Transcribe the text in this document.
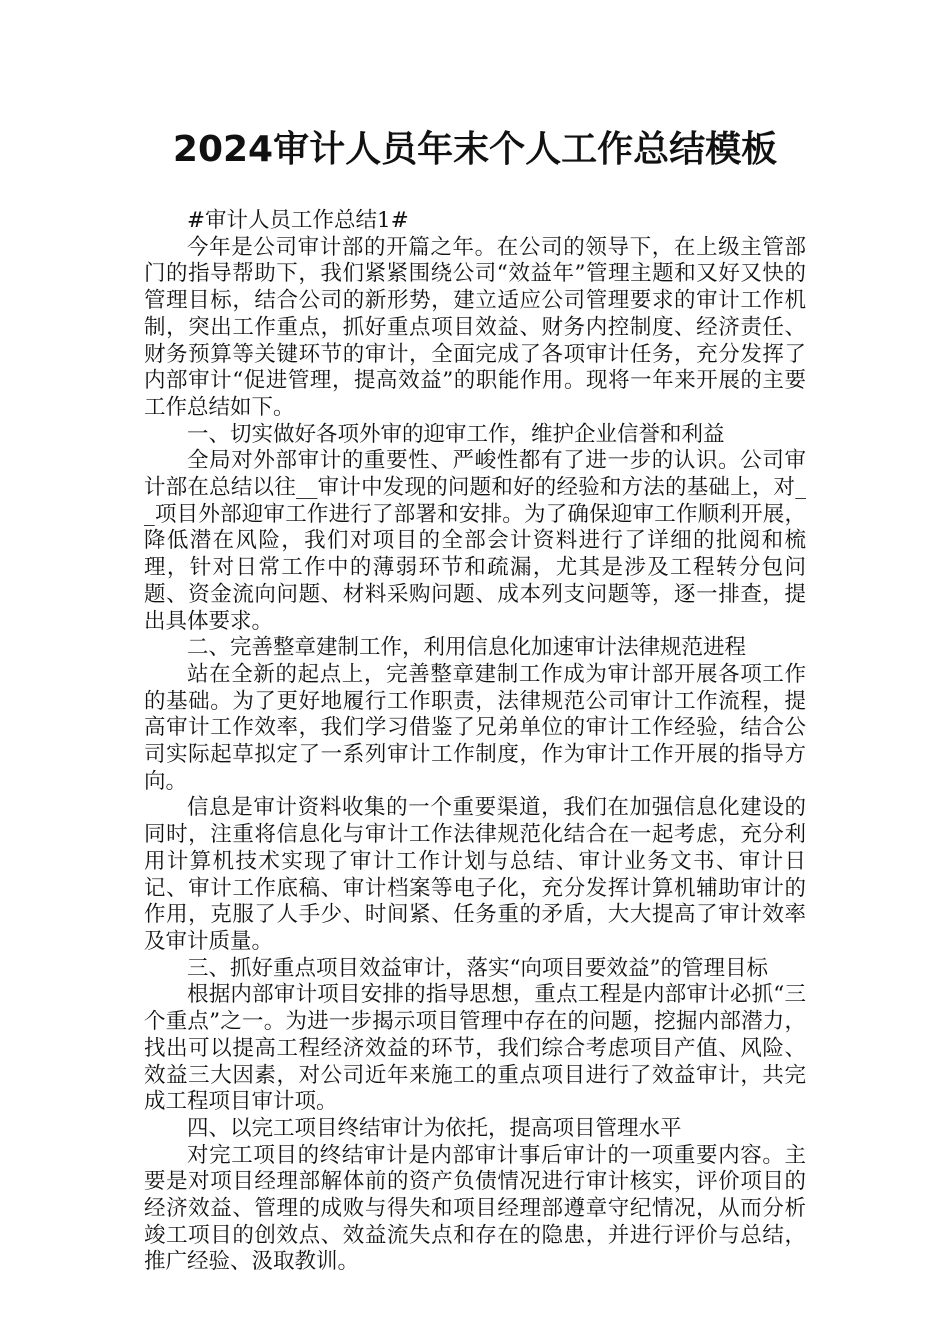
2024审计人员年末个人工作总结模板

#审计人员工作总结1#

今年是公司审计部的开篇之年。在公司的领导下，在上级主管部门的指导帮助下，我们紧紧围绕公司“效益年”管理主题和又好又快的管理目标，结合公司的新形势，建立适应公司管理要求的审计工作机制，突出工作重点，抓好重点项目效益、财务内控制度、经济责任、财务预算等关键环节的审计，全面完成了各项审计任务，充分发挥了内部审计“促进管理，提高效益”的职能作用。现将一年来开展的主要工作总结如下。

一、切实做好各项外审的迎审工作，维护企业信誉和利益

全局对外部审计的重要性、严峻性都有了进一步的认识。公司审计部在总结以往__审计中发现的问题和好的经验和方法的基础上，对__项目外部迎审工作进行了部署和安排。为了确保迎审工作顺利开展，降低潜在风险，我们对项目的全部会计资料进行了详细的批阅和梳理，针对日常工作中的薄弱环节和疏漏，尤其是涉及工程转分包问题、资金流向问题、材料采购问题、成本列支问题等，逐一排查，提出具体要求。

二、完善整章建制工作，利用信息化加速审计法律规范进程

站在全新的起点上，完善整章建制工作成为审计部开展各项工作的基础。为了更好地履行工作职责，法律规范公司审计工作流程，提高审计工作效率，我们学习借鉴了兄弟单位的审计工作经验，结合公司实际起草拟定了一系列审计工作制度，作为审计工作开展的指导方向。

信息是审计资料收集的一个重要渠道，我们在加强信息化建设的同时，注重将信息化与审计工作法律规范化结合在一起考虑，充分利用计算机技术实现了审计工作计划与总结、审计业务文书、审计日记、审计工作底稿、审计档案等电子化，充分发挥计算机辅助审计的作用，克服了人手少、时间紧、任务重的矛盾，大大提高了审计效率及审计质量。

三、抓好重点项目效益审计，落实“向项目要效益”的管理目标

根据内部审计项目安排的指导思想，重点工程是内部审计必抓“三个重点”之一。为进一步揭示项目管理中存在的问题，挖掘内部潜力，找出可以提高工程经济效益的环节，我们综合考虑项目产值、风险、效益三大因素，对公司近年来施工的重点项目进行了效益审计，共完成工程项目审计项。

四、以完工项目终结审计为依托，提高项目管理水平

对完工项目的终结审计是内部审计事后审计的一项重要内容。主要是对项目经理部解体前的资产负债情况进行审计核实，评价项目的经济效益、管理的成败与得失和项目经理部遵章守纪情况，从而分析竣工项目的创效点、效益流失点和存在的隐患，并进行评价与总结，推广经验、汲取教训。
